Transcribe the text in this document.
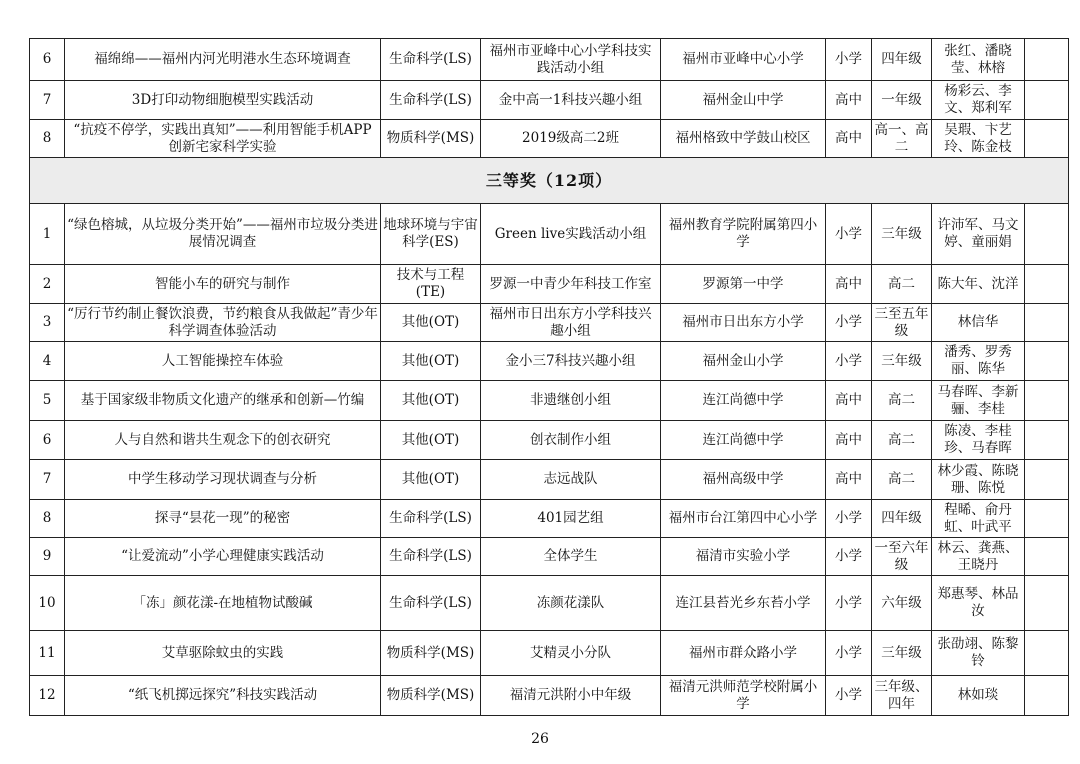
6	福绵绵——福州内河光明港水生态环境调查	生命科学(LS)	福州市亚峰中心小学科技实践活动小组	福州市亚峰中心小学	小学	四年级	张红、潘晓莹、林榕	
7	3D打印动物细胞模型实践活动	生命科学(LS)	金中高一1科技兴趣小组	福州金山中学	高中	一年级	杨彩云、李文、郑利军	
8	“抗疫不停学，实践出真知”——利用智能手机APP创新宅家科学实验	物质科学(MS)	2019级高二2班	福州格致中学鼓山校区	高中	高一、高二	吴瑕、卞艺玲、陈金枝	
三等奖（12项）								
1	“绿色榕城，从垃圾分类开始”——福州市垃圾分类进展情况调查	地球环境与宇宙科学(ES)	Green live实践活动小组	福州教育学院附属第四小学	小学	三年级	许沛军、马文婷、童丽娟	
2	智能小车的研究与制作	技术与工程(TE)	罗源一中青少年科技工作室	罗源第一中学	高中	高二	陈大年、沈洋	
3	“厉行节约制止餐饮浪费，节约粮食从我做起”青少年科学调查体验活动	其他(OT)	福州市日出东方小学科技兴趣小组	福州市日出东方小学	小学	三至五年级	林信华	
4	人工智能操控车体验	其他(OT)	金小三7科技兴趣小组	福州金山小学	小学	三年级	潘秀、罗秀丽、陈华	
5	基于国家级非物质文化遗产的继承和创新—竹编	其他(OT)	非遗继创小组	连江尚德中学	高中	高二	马春晖、李新骊、李桂	
6	人与自然和谐共生观念下的创衣研究	其他(OT)	创衣制作小组	连江尚德中学	高中	高二	陈凌、李桂珍、马春晖	
7	中学生移动学习现状调查与分析	其他(OT)	志远战队	福州高级中学	高中	高二	林少霞、陈晓珊、陈悦	
8	探寻“昙花一现”的秘密	生命科学(LS)	401园艺组	福州市台江第四中心小学	小学	四年级	程晞、俞丹虹、叶武平	
9	“让爱流动”小学心理健康实践活动	生命科学(LS)	全体学生	福清市实验小学	小学	一至六年级	林云、龚燕、王晓丹	
10	「冻」颜花漾-在地植物试酸碱	生命科学(LS)	冻颜花漾队	连江县苔光乡东苔小学	小学	六年级	郑惠琴、林品汝	
11	艾草驱除蚊虫的实践	物质科学(MS)	艾精灵小分队	福州市群众路小学	小学	三年级	张劭翊、陈黎铃	
12	“纸飞机掷远探究”科技实践活动	物质科学(MS)	福清元洪附小中年级	福清元洪师范学校附属小学	小学	三年级、四年	林如琰	
26
